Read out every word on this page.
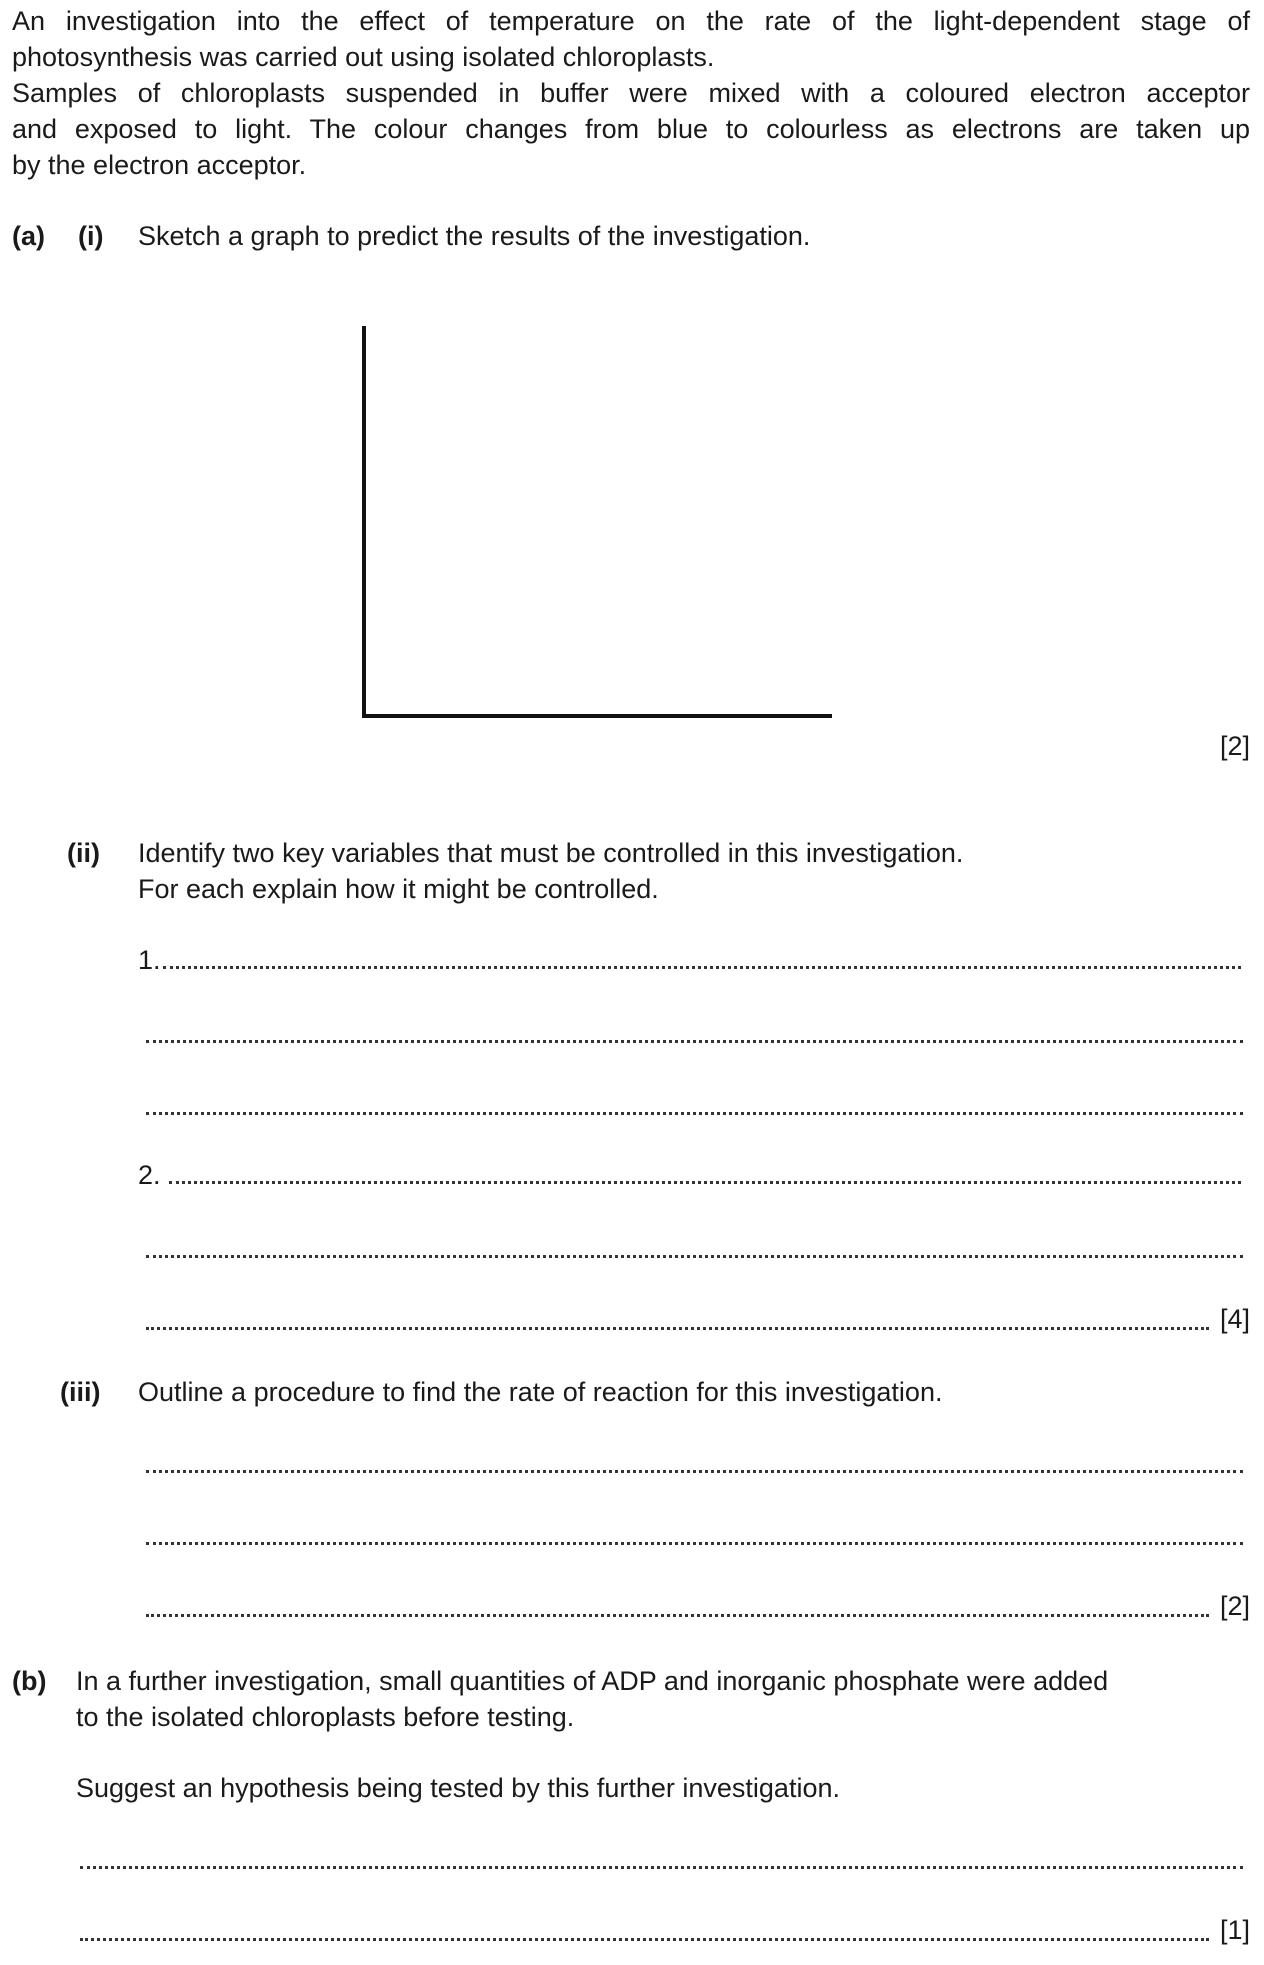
An investigation into the effect of temperature on the rate of the light-dependent stage of
photosynthesis was carried out using isolated chloroplasts.
Samples of chloroplasts suspended in buffer were mixed with a coloured electron acceptor
and exposed to light. The colour changes from blue to colourless as electrons are taken up
by the electron acceptor.
(a) (i) Sketch a graph to predict the results of the investigation.
[2]
(ii) Identify two key variables that must be controlled in this investigation.
For each explain how it might be controlled.
1.
2.
[4]
(iii) Outline a procedure to find the rate of reaction for this investigation.
[2]
(b) In a further investigation, small quantities of ADP and inorganic phosphate were added
to the isolated chloroplasts before testing.
Suggest an hypothesis being tested by this further investigation.
[1]
